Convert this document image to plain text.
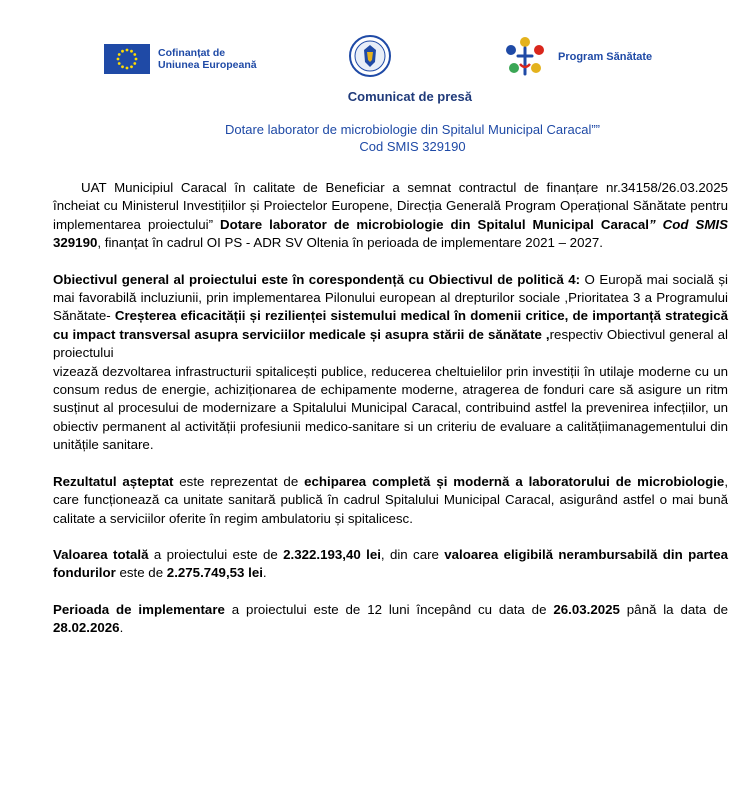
Cofinanțat de
Uniunea Europeană
Program Sănătate
Comunicat de presă
Dotare laborator de microbiologie din Spitalul Municipal Caracal””
Cod SMIS 329190

UAT Municipiul Caracal în calitate de Beneficiar a semnat contractul de finanțare nr.34158/26.03.2025 încheiat cu Ministerul Investițiilor și Proiectelor Europene, Direcția Generală Program Operațional Sănătate pentru implementarea proiectului” Dotare laborator de microbiologie din Spitalul Municipal Caracal” Cod SMIS 329190, finanțat în cadrul OI PS - ADR SV Oltenia în perioada de implementare 2021 – 2027.

Obiectivul general al proiectului este în corespondență cu Obiectivul de politică 4: O Europă mai socială și mai favorabilă incluziunii, prin implementarea Pilonului european al drepturilor sociale ,Prioritatea 3 a Programului Sănătate- Creșterea eficacității și rezilienței sistemului medical în domenii critice, de importanță strategică cu impact transversal asupra serviciilor medicale și asupra stării de sănătate ,respectiv Obiectivul general al proiectului

vizează dezvoltarea infrastructurii spitalicești publice, reducerea cheltuielilor prin investiții în utilaje moderne cu un consum redus de energie, achiziționarea de echipamente moderne, atragerea de fonduri care să asigure un ritm susținut al procesului de modernizare a Spitalului Municipal Caracal, contribuind astfel la prevenirea infecțiilor, un obiectiv permanent al activității profesiunii medico-sanitare si un criteriu de evaluare a calitățiimanagementului din unitățile sanitare.

Rezultatul așteptat este reprezentat de echiparea completă și modernă a laboratorului de microbiologie, care funcționează ca unitate sanitară publică în cadrul Spitalului Municipal Caracal, asigurând astfel o mai bună calitate a serviciilor oferite în regim ambulatoriu și spitalicesc.

Valoarea totală a proiectului este de 2.322.193,40 lei, din care valoarea eligibilă nerambursabilă din partea fondurilor este de 2.275.749,53 lei.

Perioada de implementare a proiectului este de 12 luni începând cu data de 26.03.2025 până la data de 28.02.2026.
